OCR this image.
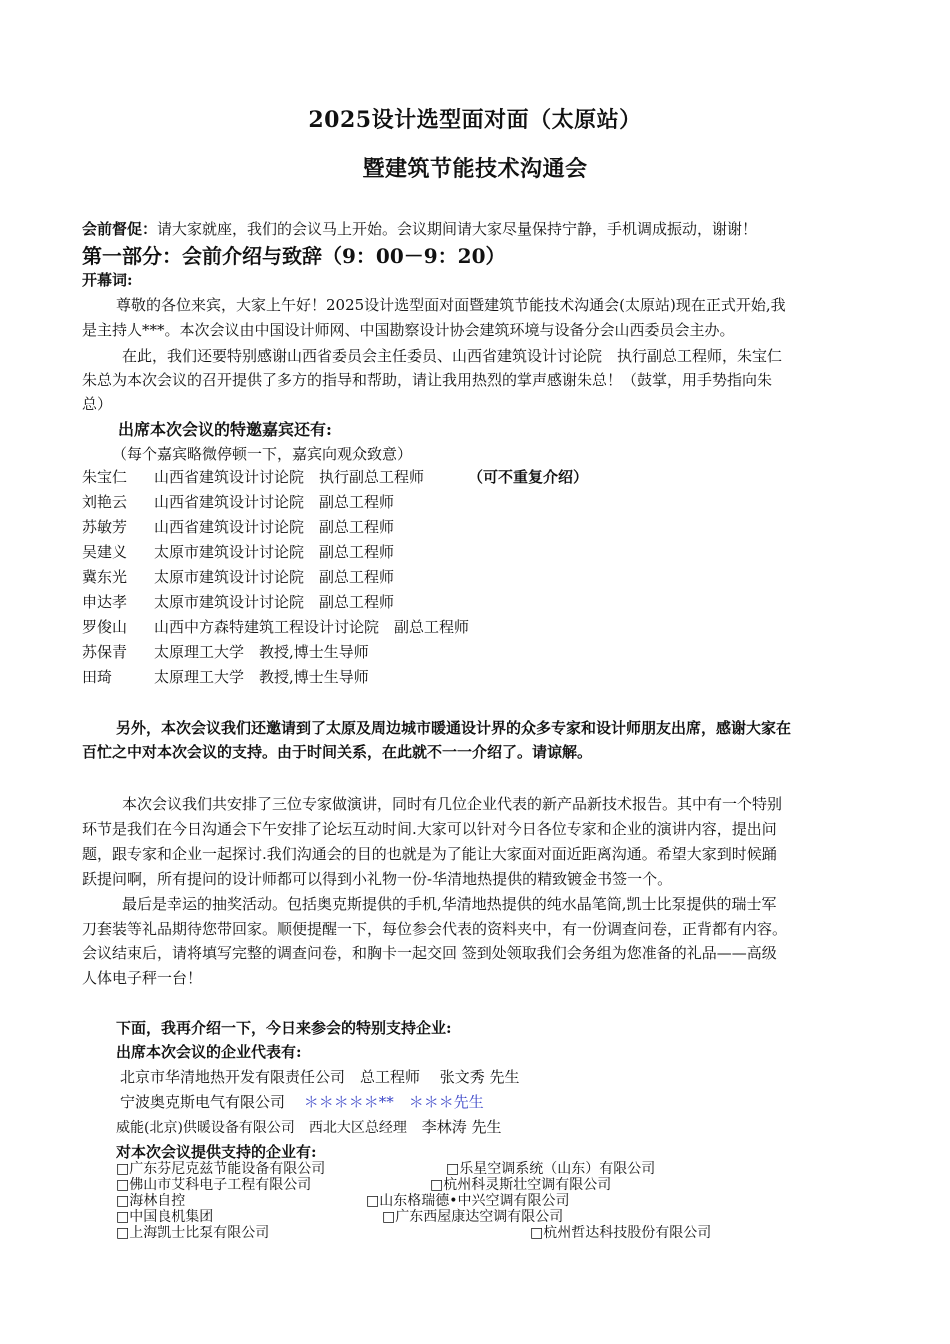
2025设计选型面对面（太原站）
暨建筑节能技术沟通会
会前督促：请大家就座，我们的会议马上开始。会议期间请大家尽量保持宁静，手机调成振动，谢谢！
第一部分：会前介绍与致辞（9：00－9：20）
开幕词:
尊敬的各位来宾，大家上午好！2025设计选型面对面暨建筑节能技术沟通会(太原站)现在正式开始,我
是主持人***。本次会议由中国设计师网、中国勘察设计协会建筑环境与设备分会山西委员会主办。
在此，我们还要特别感谢山西省委员会主任委员、山西省建筑设计讨论院　执行副总工程师，朱宝仁
朱总为本次会议的召开提供了多方的指导和帮助，请让我用热烈的掌声感谢朱总！（鼓掌，用手势指向朱
总）
出席本次会议的特邀嘉宾还有:
（每个嘉宾略微停顿一下，嘉宾向观众致意）
朱宝仁 山西省建筑设计讨论院　执行副总工程师	（可不重复介绍）
刘艳云 山西省建筑设计讨论院　副总工程师
苏敏芳 山西省建筑设计讨论院　副总工程师
吴建义 太原市建筑设计讨论院　副总工程师
冀东光 太原市建筑设计讨论院　副总工程师
申达孝 太原市建筑设计讨论院　副总工程师
罗俊山 山西中方森特建筑工程设计讨论院　副总工程师
苏保青 太原理工大学　教授,博士生导师
田琦	太原理工大学　教授,博士生导师
另外，本次会议我们还邀请到了太原及周边城市暖通设计界的众多专家和设计师朋友出席，感谢大家在
百忙之中对本次会议的支持。由于时间关系，在此就不一一介绍了。请谅解。
本次会议我们共安排了三位专家做演讲，同时有几位企业代表的新产品新技术报告。其中有一个特别
环节是我们在今日沟通会下午安排了论坛互动时间.大家可以针对今日各位专家和企业的演讲内容，提出问
题，跟专家和企业一起探讨.我们沟通会的目的也就是为了能让大家面对面近距离沟通。希望大家到时候踊
跃提问啊，所有提问的设计师都可以得到小礼物一份-华清地热提供的精致镀金书签一个。
最后是幸运的抽奖活动。包括奥克斯提供的手机,华清地热提供的纯水晶笔筒,凯士比泵提供的瑞士军
刀套装等礼品期待您带回家。顺便提醒一下，每位参会代表的资料夹中，有一份调查问卷，正背都有内容。
会议结束后，请将填写完整的调查问卷，和胸卡一起交回 签到处领取我们会务组为您准备的礼品——高级
人体电子秤一台！
下面，我再介绍一下，今日来参会的特别支持企业:
出席本次会议的企业代表有:
北京市华清地热开发有限责任公司　总工程师　 张文秀 先生
宁波奥克斯电气有限公司 ＊＊＊＊＊**　＊＊＊先生
威能(北京)供暖设备有限公司　西北大区总经理 李林涛 先生
对本次会议提供支持的企业有:
□广东芬尼克兹节能设备有限公司	□乐星空调系统（山东）有限公司
□佛山市艾科电子工程有限公司	□杭州科灵斯壮空调有限公司
□海林自控	□山东格瑞德•中兴空调有限公司
□中国良机集团	□广东西屋康达空调有限公司
□上海凯士比泵有限公司	□杭州哲达科技股份有限公司
